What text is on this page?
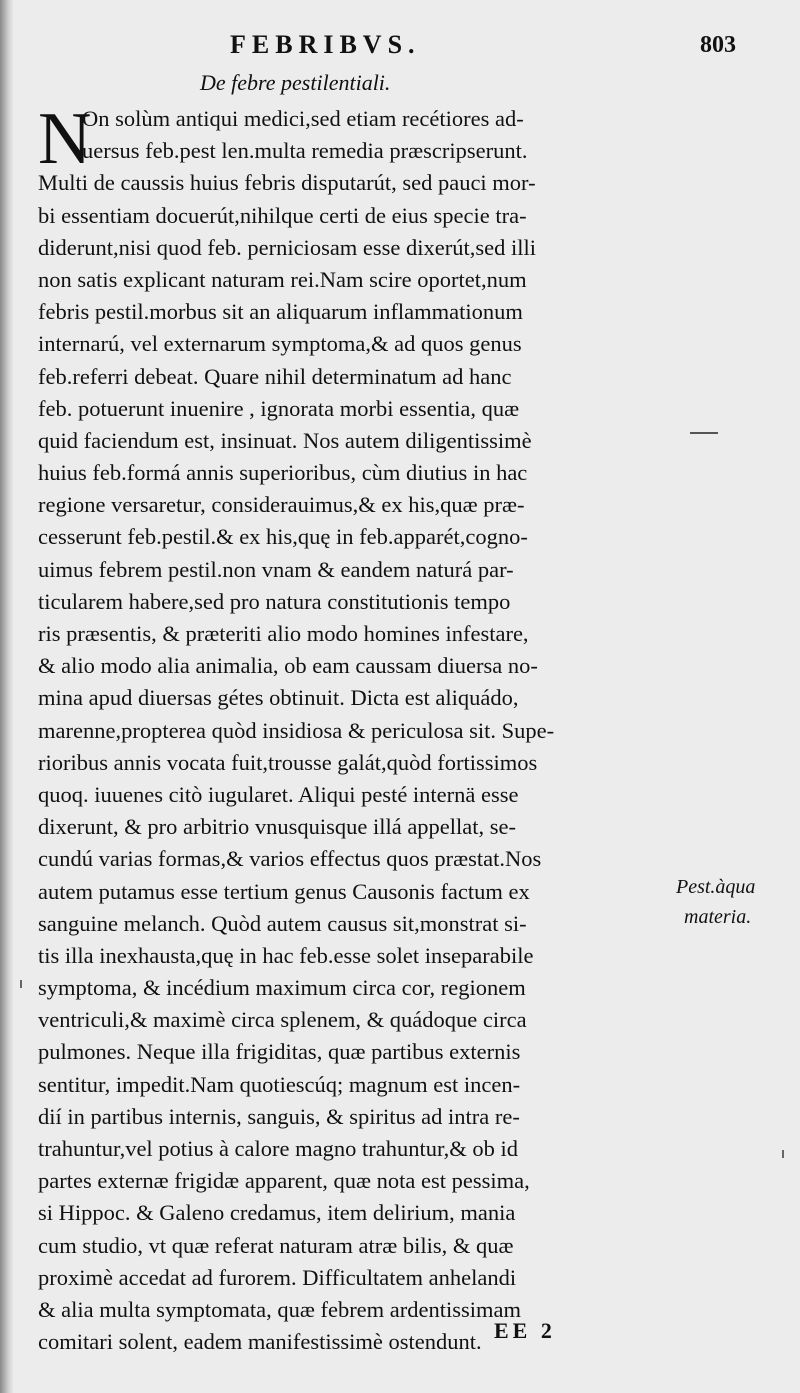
FEBRIBVS.	803
De febre pestilentiali.
N
On solùm antiqui medici,sed etiam recétiores ad-
uersus feb.pest len.multa remedia præscripserunt.
Multi de caussis huius febris disputarút, sed pauci mor-
bi essentiam docuerút,nihilque certi de eius specie tra-
diderunt,nisi quod feb. perniciosam esse dixerút,sed illi
non satis explicant naturam rei.Nam scire oportet,num
febris pestil.morbus sit an aliquarum inflammationum
internarú, vel externarum symptoma,& ad quos genus
feb.referri debeat. Quare nihil determinatum ad hanc
feb. potuerunt inuenire , ignorata morbi essentia, quæ
quid faciendum est, insinuat. Nos autem diligentissimè
huius feb.formá annis superioribus, cùm diutius in hac
regione versaretur, considerauimus,& ex his,quæ præ-
cesserunt feb.pestil.& ex his,quę in feb.apparét,cogno-
uimus febrem pestil.non vnam & eandem naturá par-
ticularem habere,sed pro natura constitutionis tempo
ris præsentis, & præteriti alio modo homines infestare,
& alio modo alia animalia, ob eam caussam diuersa no-
mina apud diuersas gétes obtinuit. Dicta est aliquádo,
marenne,propterea quòd insidiosa & periculosa sit. Supe-
rioribus annis vocata fuit,trousse galát,quòd fortissimos
quoq. iuuenes citò iugularet. Aliqui pesté internä esse
dixerunt, & pro arbitrio vnusquisque illá appellat, se-
cundú varias formas,& varios effectus quos præstat.Nos
autem putamus esse tertium genus Causonis factum ex
sanguine melanch. Quòd autem causus sit,monstrat si-
tis illa inexhausta,quę in hac feb.esse solet inseparabile
symptoma, & incédium maximum circa cor, regionem
ventriculi,& maximè circa splenem, & quádoque circa
pulmones. Neque illa frigiditas, quæ partibus externis
sentitur, impedit.Nam quotiescúq; magnum est incen-
dií in partibus internis, sanguis, & spiritus ad intra re-
trahuntur,vel potius à calore magno trahuntur,& ob id
partes externæ frigidæ apparent, quæ nota est pessima,
si Hippoc. & Galeno credamus, item delirium, mania
cum studio, vt quæ referat naturam atræ bilis, & quæ
proximè accedat ad furorem. Difficultatem anhelandi
& alia multa symptomata, quæ febrem ardentissimam
comitari solent, eadem manifestissimè ostendunt.
Pest.àqua
materia.
EE 2
